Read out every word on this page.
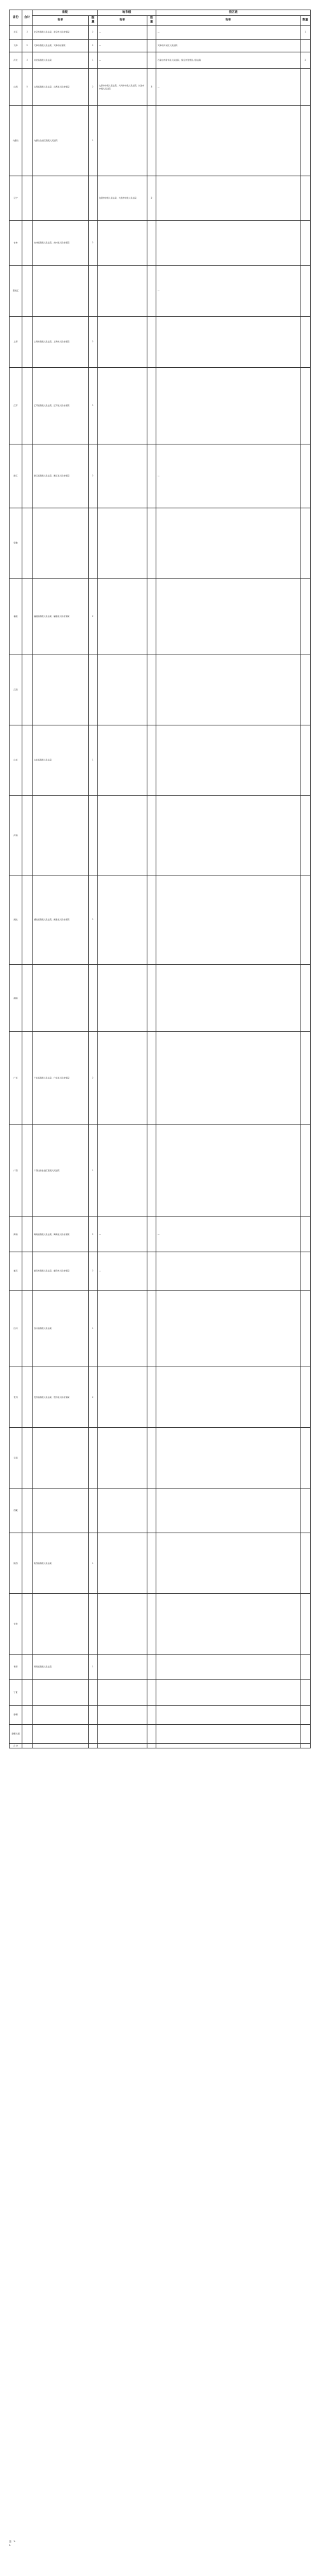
省份	合计	省级		地市级		县区级	
		名单	数量	名单	数量	名单	数量
北京	3	北京市高级人民法院、北京市人民检察院	2	—		—	1
天津	2	天津市高级人民法院、天津市检察院	2	—		天津市河东区人民法院	
河北	3	河北省高级人民法院	1	—		石家庄市新华区人民法院、保定市竞秀区人民法院	2
山西	5	山西省高级人民法院、山西省人民检察院	2	太原市中级人民法院、大同市中级人民法院、长治市中级人民法院	3	—	
内蒙古		内蒙古自治区高级人民法院	1				
辽宁				沈阳市中级人民法院、大连市中级人民法院	2		
吉林		吉林省高级人民法院、吉林省人民检察院	2				
黑龙江						—	
上海		上海市高级人民法院、上海市人民检察院	2				
江苏		江苏省高级人民法院、江苏省人民检察院	2				
浙江		浙江省高级人民法院、浙江省人民检察院	2			—	
安徽							
福建		福建省高级人民法院、福建省人民检察院	2				
江西							
山东		山东省高级人民法院	1				
河南							
湖北		湖北省高级人民法院、湖北省人民检察院	2				
湖南							
广东		广东省高级人民法院、广东省人民检察院	2				
广西		广西壮族自治区高级人民法院	1				
海南		海南省高级人民法院、海南省人民检察院	2	—		—	
重庆		重庆市高级人民法院、重庆市人民检察院	2	—			
四川		四川省高级人民法院	1				
贵州		贵州省高级人民法院、贵州省人民检察院	2				
云南							
西藏							
陕西		陕西省高级人民法院	1				
甘肃							
青海		青海省高级人民法院	1				
宁夏							
新疆							
新疆兵团							
合 计							
注：1.
2.
